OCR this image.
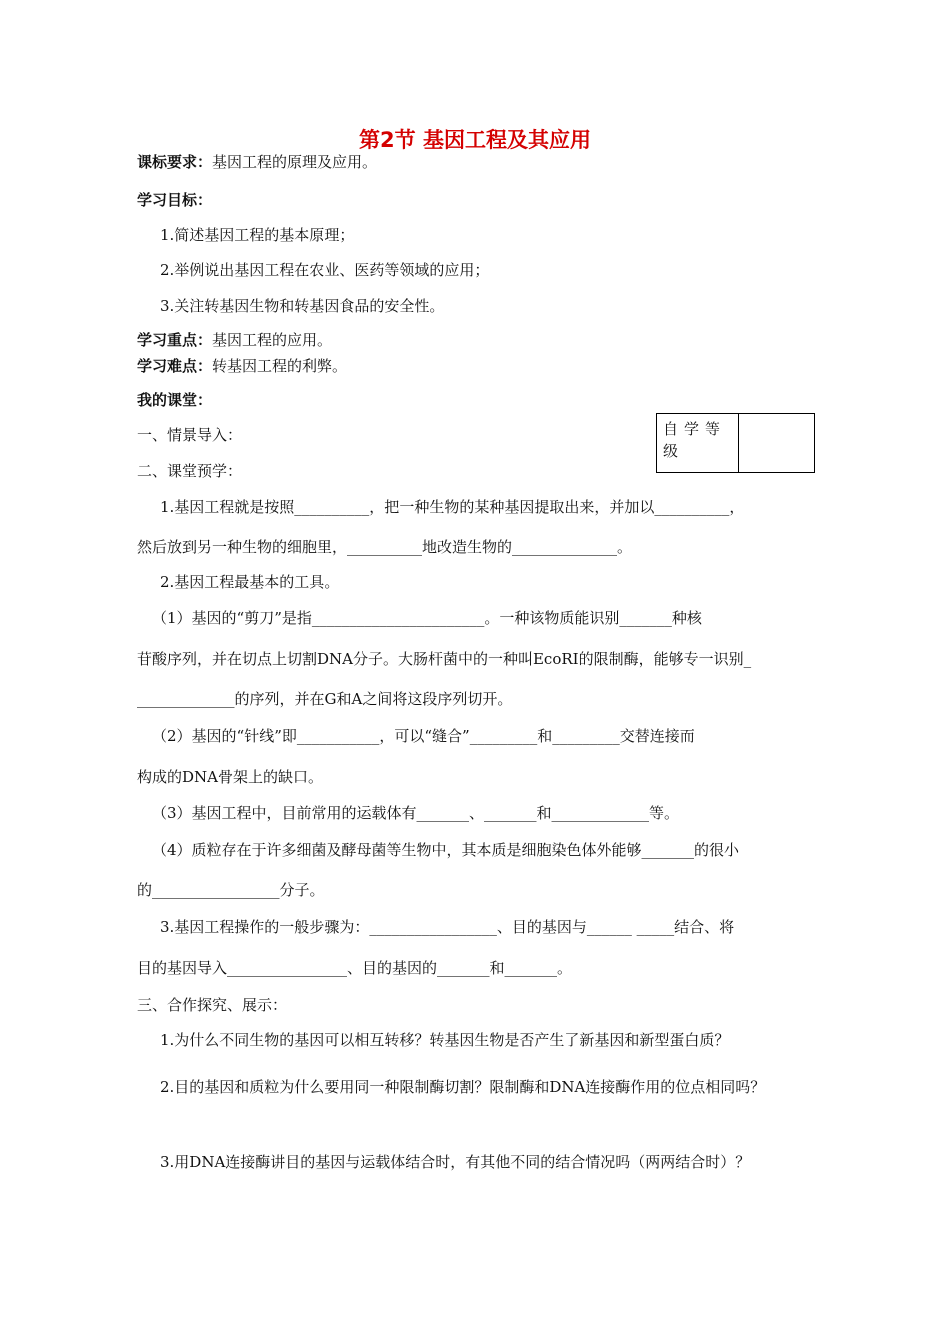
第2节 基因工程及其应用
课标要求：基因工程的原理及应用。
学习目标：
1.简述基因工程的基本原理；
2.举例说出基因工程在农业、医药等领域的应用；
3.关注转基因生物和转基因食品的安全性。
学习重点：基因工程的应用。
学习难点：转基因工程的利弊。
我的课堂：
自学等级	
一、情景导入：
二、课堂预学：
1.基因工程就是按照__________，把一种生物的某种基因提取出来，并加以__________，
然后放到另一种生物的细胞里，__________地改造生物的______________。
2.基因工程最基本的工具。
（1）基因的“剪刀”是指_______________________。一种该物质能识别_______种核
苷酸序列，并在切点上切割DNA分子。大肠杆菌中的一种叫EcoRI的限制酶，能够专一识别_
_____________的序列，并在G和A之间将这段序列切开。
（2）基因的“针线”即___________，可以“缝合”_________和_________交替连接而
构成的DNA骨架上的缺口。
（3）基因工程中，目前常用的运载体有_______、_______和_____________等。
（4）质粒存在于许多细菌及酵母菌等生物中，其本质是细胞染色体外能够_______的很小
的_________________分子。
3.基因工程操作的一般步骤为：_________________、目的基因与______ _____结合、将
目的基因导入________________、目的基因的_______和_______。
三、合作探究、展示：
1.为什么不同生物的基因可以相互转移？转基因生物是否产生了新基因和新型蛋白质？
2.目的基因和质粒为什么要用同一种限制酶切割？限制酶和DNA连接酶作用的位点相同吗？
3.用DNA连接酶讲目的基因与运载体结合时，有其他不同的结合情况吗（两两结合时）？
